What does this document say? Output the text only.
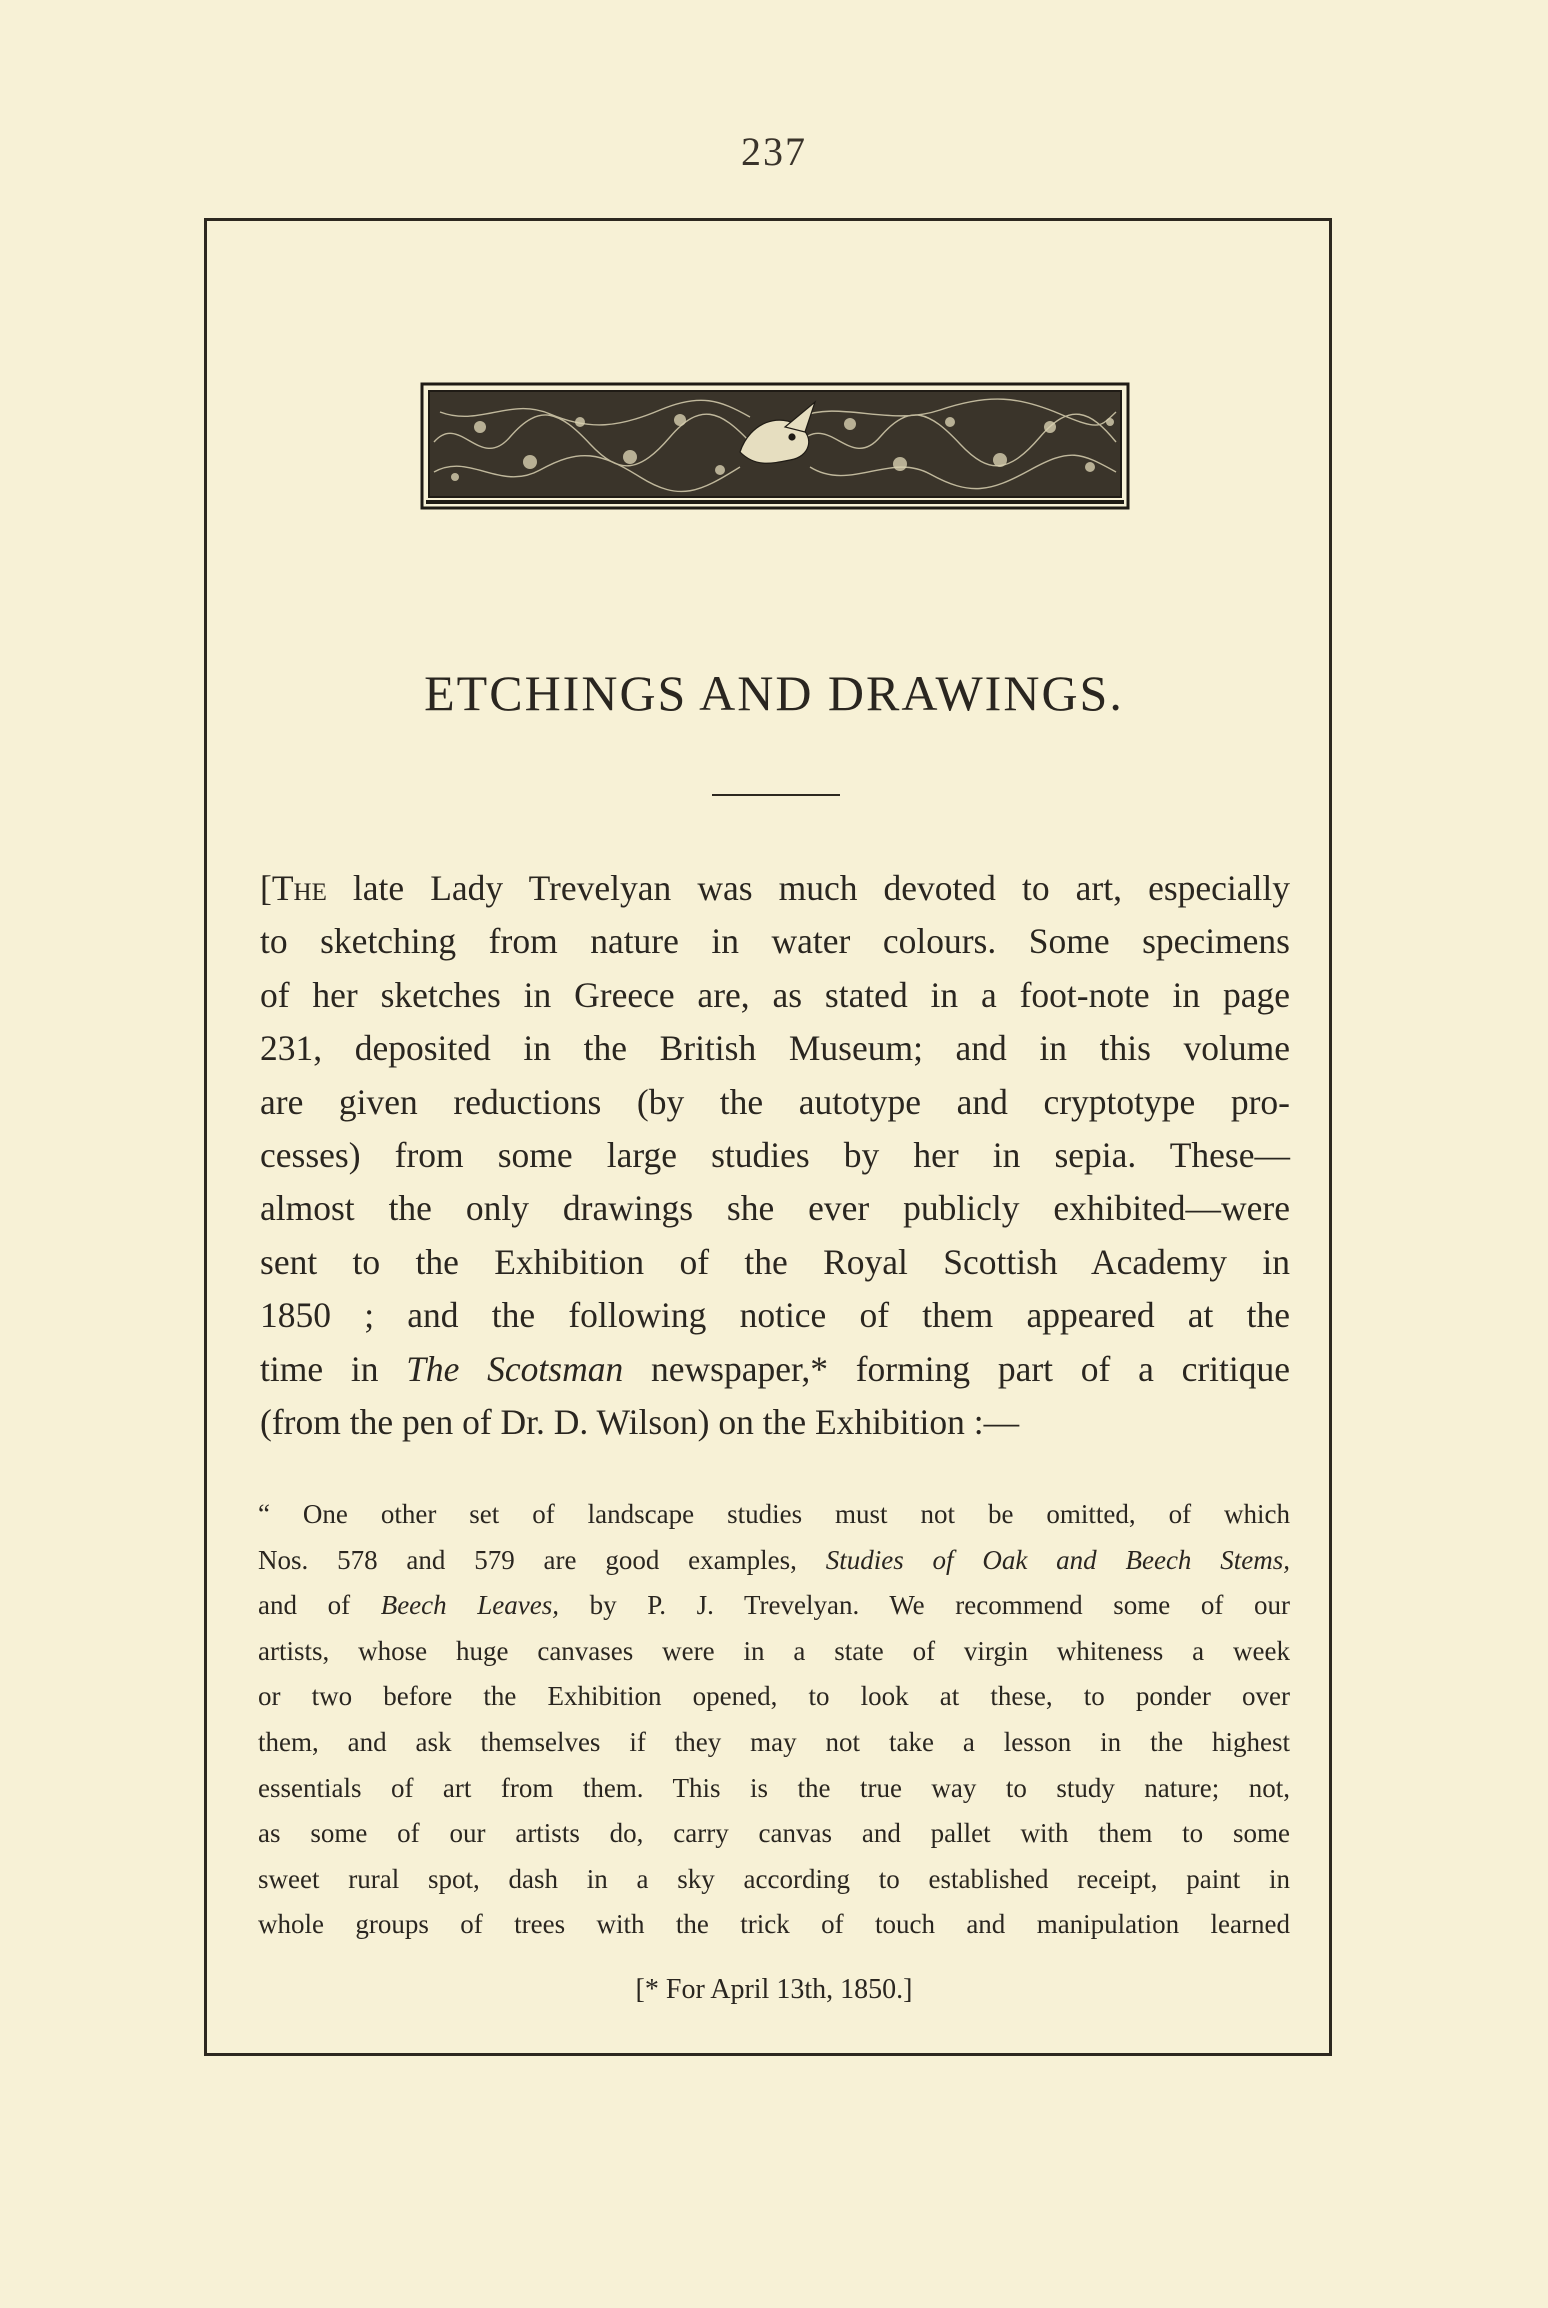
237
ETCHINGS AND DRAWINGS.
[The late Lady Trevelyan was much devoted to art, especially
to sketching from nature in water colours. Some specimens
of her sketches in Greece are, as stated in a foot-note in page
231, deposited in the British Museum; and in this volume
are given reductions (by the autotype and cryptotype pro-
cesses) from some large studies by her in sepia. These—
almost the only drawings she ever publicly exhibited—were
sent to the Exhibition of the Royal Scottish Academy in
1850 ; and the following notice of them appeared at the
time in The Scotsman newspaper,* forming part of a critique
(from the pen of Dr. D. Wilson) on the Exhibition :—
“ One other set of landscape studies must not be omitted, of which
Nos. 578 and 579 are good examples, Studies of Oak and Beech Stems,
and of Beech Leaves, by P. J. Trevelyan. We recommend some of our
artists, whose huge canvases were in a state of virgin whiteness a week
or two before the Exhibition opened, to look at these, to ponder over
them, and ask themselves if they may not take a lesson in the highest
essentials of art from them. This is the true way to study nature; not,
as some of our artists do, carry canvas and pallet with them to some
sweet rural spot, dash in a sky according to established receipt, paint in
whole groups of trees with the trick of touch and manipulation learned
[* For April 13th, 1850.]
